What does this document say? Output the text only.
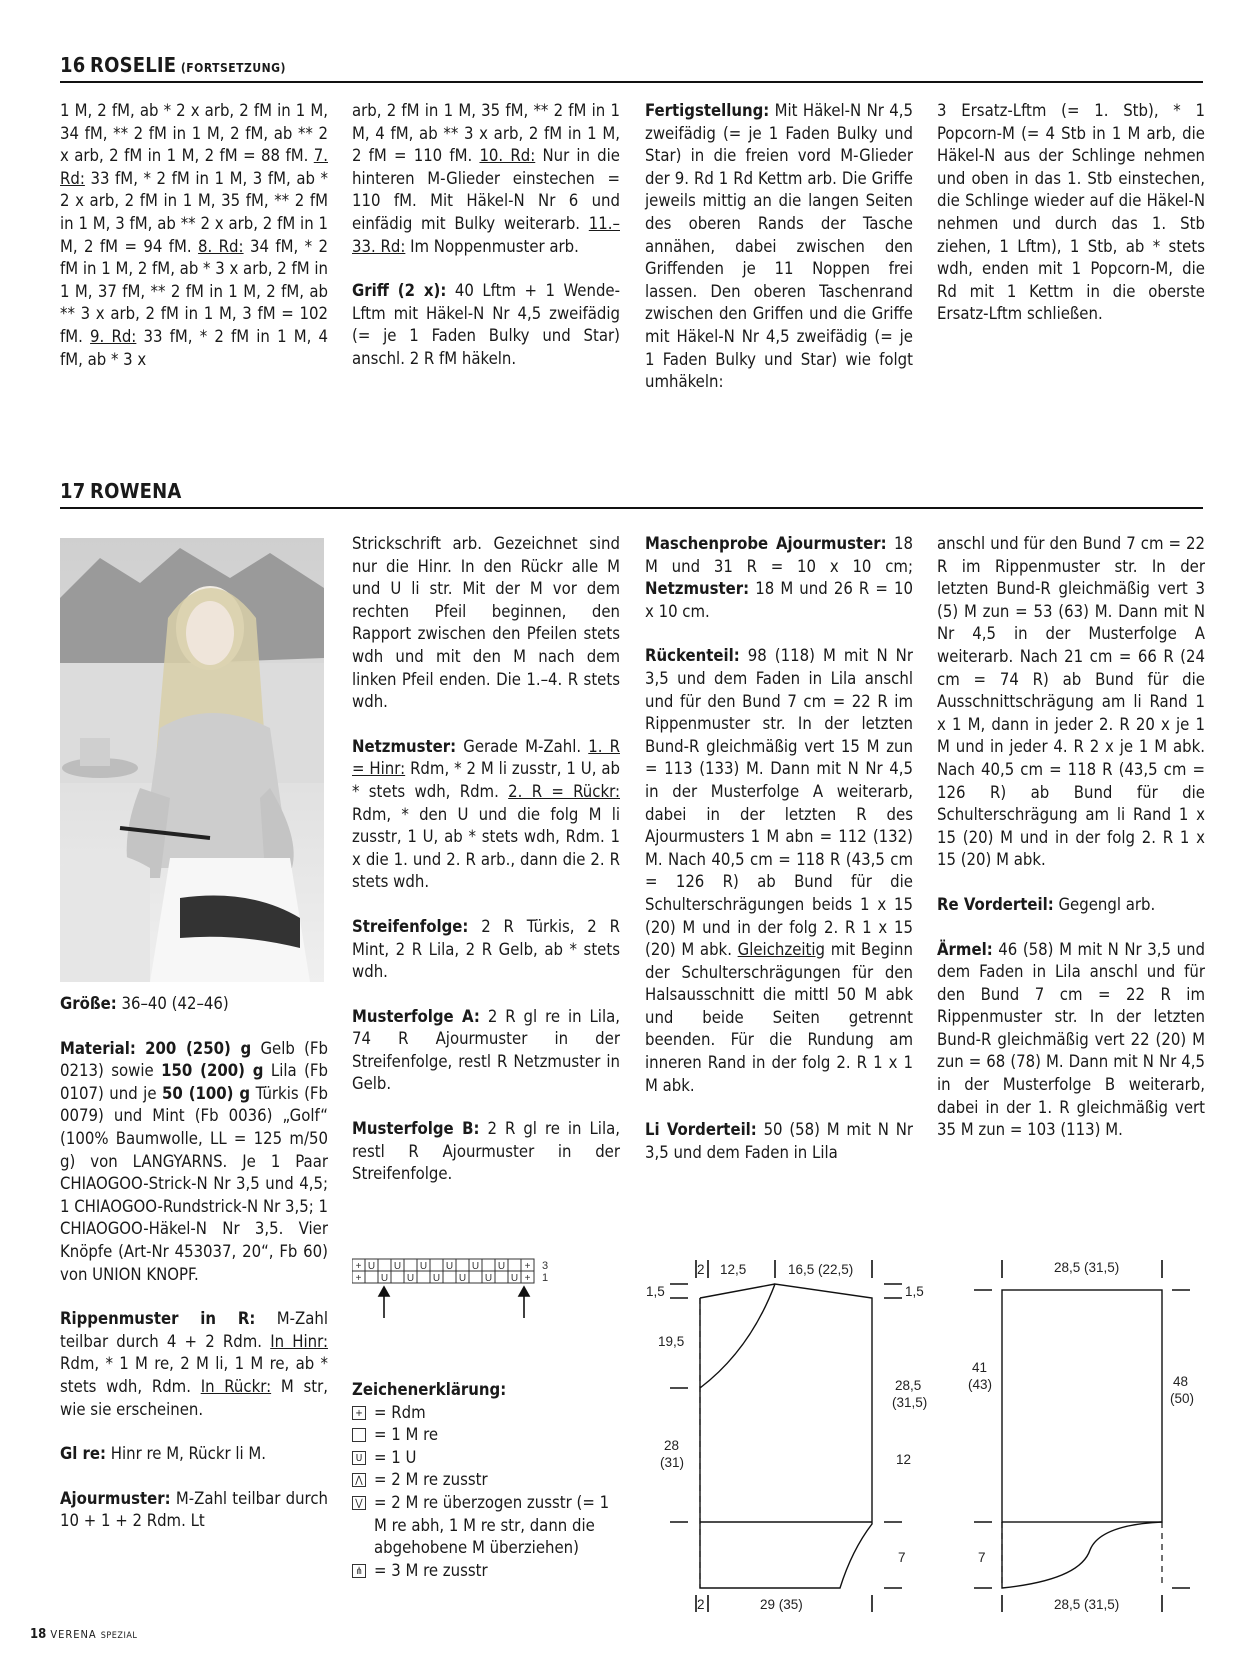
16 ROSELIE (FORTSETZUNG)
1 M, 2 fM, ab * 2 x arb, 2 fM in 1 M, 34 fM, ** 2 fM in 1 M, 2 fM, ab ** 2 x arb, 2 fM in 1 M, 2 fM = 88 fM. 7. Rd: 33 fM, * 2 fM in 1 M, 3 fM, ab * 2 x arb, 2 fM in 1 M, 35 fM, ** 2 fM in 1 M, 3 fM, ab ** 2 x arb, 2 fM in 1 M, 2 fM = 94 fM. 8. Rd: 34 fM, * 2 fM in 1 M, 2 fM, ab * 3 x arb, 2 fM in 1 M, 37 fM, ** 2 fM in 1 M, 2 fM, ab ** 3 x arb, 2 fM in 1 M, 3 fM = 102 fM. 9. Rd: 33 fM, * 2 fM in 1 M, 4 fM, ab * 3 x

arb, 2 fM in 1 M, 35 fM, ** 2 fM in 1 M, 4 fM, ab ** 3 x arb, 2 fM in 1 M, 2 fM = 110 fM. 10. Rd: Nur in die hinteren M-Glieder einstechen = 110 fM. Mit Häkel-N Nr 6 und einfädig mit Bulky weiterarb. 11.–33. Rd: Im Noppenmuster arb.

Griff (2 x): 40 Lftm + 1 Wende-Lftm mit Häkel-N Nr 4,5 zweifädig (= je 1 Faden Bulky und Star) anschl. 2 R fM häkeln.

Fertigstellung: Mit Häkel-N Nr 4,5 zweifädig (= je 1 Faden Bulky und Star) in die freien vord M-Glieder der 9. Rd 1 Rd Kettm arb. Die Griffe jeweils mittig an die langen Seiten des oberen Rands der Tasche annähen, dabei zwischen den Griffenden je 11 Noppen frei lassen. Den oberen Taschenrand zwischen den Griffen und die Griffe mit Häkel-N Nr 4,5 zweifädig (= je 1 Faden Bulky und Star) wie folgt umhäkeln:
3 Ersatz-Lftm (= 1. Stb), * 1 Popcorn-M (= 4 Stb in 1 M arb, die Häkel-N aus der Schlinge nehmen und oben in das 1. Stb einstechen, die Schlinge wieder auf die Häkel-N nehmen und durch das 1. Stb ziehen, 1 Lftm), 1 Stb, ab * stets wdh, enden mit 1 Popcorn-M, die Rd mit 1 Kettm in die oberste Ersatz-Lftm schließen.
17 ROWENA

Größe: 36–40 (42–46)

Material: 200 (250) g Gelb (Fb 0213) sowie 150 (200) g Lila (Fb 0107) und je 50 (100) g Türkis (Fb 0079) und Mint (Fb 0036) „Golf“ (100% Baumwolle, LL = 125 m/50 g) von LANGYARNS. Je 1 Paar CHIAOGOO-Strick-N Nr 3,5 und 4,5; 1 CHIAOGOO-Rundstrick-N Nr 3,5; 1 CHIAOGOO-Häkel-N Nr 3,5. Vier Knöpfe (Art-Nr 453037, 20“, Fb 60) von UNION KNOPF.

Rippenmuster in R: M-Zahl teilbar durch 4 + 2 Rdm. In Hinr: Rdm, * 1 M re, 2 M li, 1 M re, ab * stets wdh, Rdm. In Rückr: M str, wie sie erscheinen.

Gl re: Hinr re M, Rückr li M.

Ajourmuster: M-Zahl teilbar durch 10 + 1 + 2 Rdm. Lt

Strickschrift arb. Gezeichnet sind nur die Hinr. In den Rückr alle M und U li str. Mit der M vor dem rechten Pfeil beginnen, den Rapport zwischen den Pfeilen stets wdh und mit den M nach dem linken Pfeil enden. Die 1.–4. R stets wdh.

Netzmuster: Gerade M-Zahl. 1. R = Hinr: Rdm, * 2 M li zusstr, 1 U, ab * stets wdh, Rdm. 2. R = Rückr: Rdm, * den U und die folg M li zusstr, 1 U, ab * stets wdh, Rdm. 1 x die 1. und 2. R arb., dann die 2. R stets wdh.

Streifenfolge: 2 R Türkis, 2 R Mint, 2 R Lila, 2 R Gelb, ab * stets wdh.

Musterfolge A: 2 R gl re in Lila, 74 R Ajourmuster in der Streifenfolge, restl R Netzmuster in Gelb.

Musterfolge B: 2 R gl re in Lila, restl R Ajourmuster in der Streifenfolge.

+
+
+
+
U U U U U U
U U U U U U
3
1
Zeichenerklärung:
+ = Rdm
= 1 M re
U = 1 U
⋀ = 2 M re zusstr
⋁ = 2 M re überzogen zusstr (= 1 M re abh, 1 M re str, dann die abgehobene M überziehen)
⋔ = 3 M re zusstr

Maschenprobe Ajourmuster: 18 M und 31 R = 10 x 10 cm; Netzmuster: 18 M und 26 R = 10 x 10 cm.

Rückenteil: 98 (118) M mit N Nr 3,5 und dem Faden in Lila anschl und für den Bund 7 cm = 22 R im Rippenmuster str. In der letzten Bund-R gleichmäßig vert 15 M zun = 113 (133) M. Dann mit N Nr 4,5 in der Musterfolge A weiterarb, dabei in der letzten R des Ajourmusters 1 M abn = 112 (132) M. Nach 40,5 cm = 118 R (43,5 cm = 126 R) ab Bund für die Schulterschrägungen beids 1 x 15 (20) M und in der folg 2. R 1 x 15 (20) M abk. Gleichzeitig mit Beginn der Schulterschrägungen für den Halsausschnitt die mittl 50 M abk und beide Seiten getrennt beenden. Für die Rundung am inneren Rand in der folg 2. R 1 x 1 M abk.

Li Vorderteil: 50 (58) M mit N Nr 3,5 und dem Faden in Lila

anschl und für den Bund 7 cm = 22 R im Rippenmuster str. In der letzten Bund-R gleichmäßig vert 3 (5) M zun = 53 (63) M. Dann mit N Nr 4,5 in der Musterfolge A weiterarb. Nach 21 cm = 66 R (24 cm = 74 R) ab Bund für die Ausschnittschrägung am li Rand 1 x 1 M, dann in jeder 2. R 20 x je 1 M und in jeder 4. R 2 x je 1 M abk. Nach 40,5 cm = 118 R (43,5 cm = 126 R) ab Bund für die Schulterschrägung am li Rand 1 x 15 (20) M und in der folg 2. R 1 x 15 (20) M abk.

Re Vorderteil: Gegengl arb.

Ärmel: 46 (58) M mit N Nr 3,5 und dem Faden in Lila anschl und für den Bund 7 cm = 22 R im Rippenmuster str. In der letzten Bund-R gleichmäßig vert 22 (20) M zun = 68 (78) M. Dann mit N Nr 4,5 in der Musterfolge B weiterarb, dabei in der 1. R gleichmäßig vert 35 M zun = 103 (113) M.

2 12,5	16,5 (22,5)
1,5	1,5
19,5
28,5
(31,5)
28
(31)	12
7
2	29 (35)
28,5 (31,5)
41
(43)	48
(50)
7
28,5 (31,5)
18 VERENA SPEZIAL
